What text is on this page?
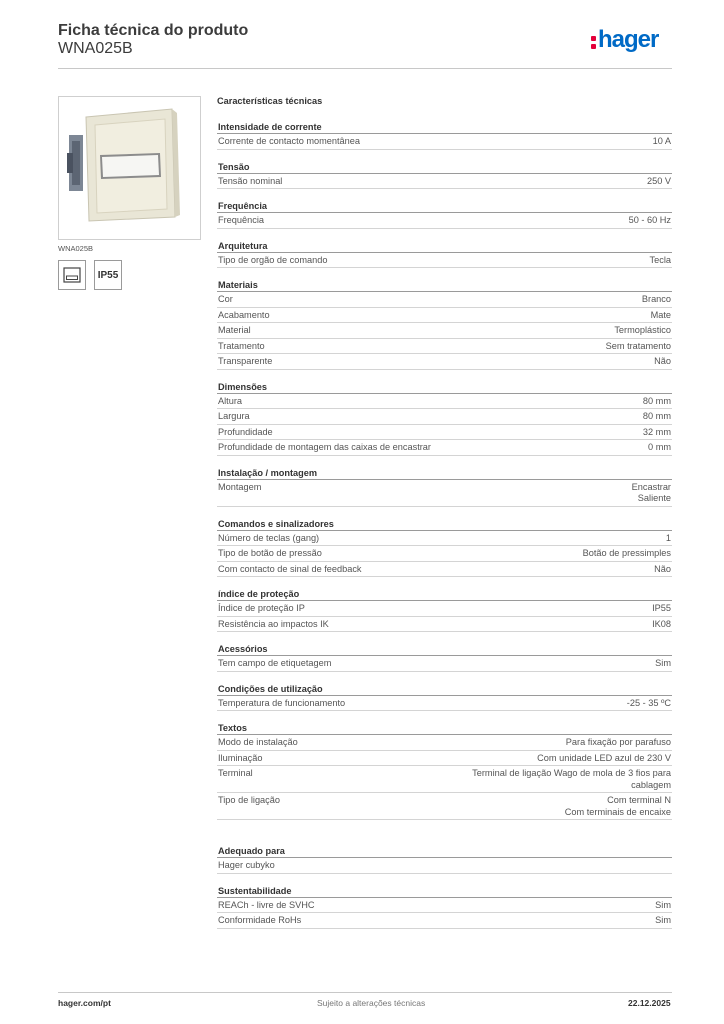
Ficha técnica do produto
WNA025B	hager
WNA025B
IP55
Características técnicas
Intensidade de corrente
Corrente de contacto momentânea	10 A
Tensão
Tensão nominal	250 V
Frequência
Frequência	50 - 60 Hz
Arquitetura
Tipo de orgão de comando	Tecla
Materiais
Cor	Branco
Acabamento	Mate
Material	Termoplástico
Tratamento	Sem tratamento
Transparente	Não
Dimensões
Altura	80 mm
Largura	80 mm
Profundidade	32 mm
Profundidade de montagem das caixas de encastrar	0 mm
Instalação / montagem
Montagem	Encastrar
Saliente
Comandos e sinalizadores
Número de teclas (gang)	1
Tipo de botão de pressão	Botão de pressimples
Com contacto de sinal de feedback	Não
índice de proteção
Índice de proteção IP	IP55
Resistência ao impactos IK	IK08
Acessórios
Tem campo de etiquetagem	Sim
Condições de utilização
Temperatura de funcionamento	-25 - 35 ºC
Textos
Modo de instalação	Para fixação por parafuso
Iluminação	Com unidade LED azul de 230 V
Terminal	Terminal de ligação Wago de mola de 3 fios para cablagem
Tipo de ligação	Com terminal N
Com terminais de encaixe
Adequado para
Hager cubyko
Sustentabilidade
REACh - livre de SVHC	Sim
Conformidade RoHs	Sim
hager.com/pt	Sujeito a alterações técnicas	22.12.2025
